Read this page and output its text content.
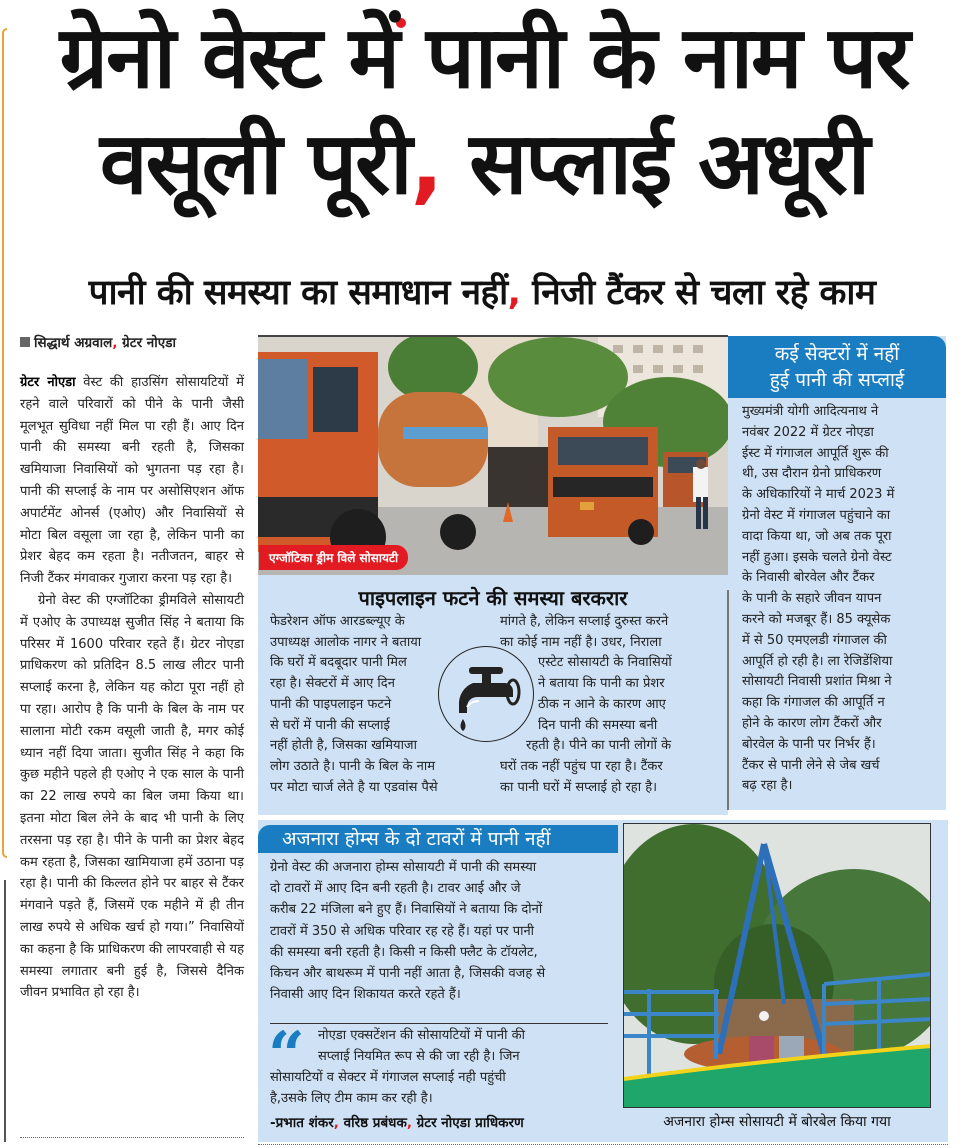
ग्रेनो वेस्ट में पानी के नाम पर
वसूली पूरी, सप्लाई अधूरी
पानी की समस्या का समाधान नहीं, निजी टैंकर से चला रहे काम
सिद्धार्थ अग्रवाल, ग्रेटर नोएडा

ग्रेटर नोएडा वेस्ट की हाउसिंग सोसायटियों में रहने वाले परिवारों को पीने के पानी जैसी मूलभूत सुविधा नहीं मिल पा रही हैं। आए दिन पानी की समस्या बनी रहती है, जिसका खमियाजा निवासियों को भुगतना पड़ रहा है। पानी की सप्लाई के नाम पर असोसिएशन ऑफ अपार्टमेंट ओनर्स (एओए) और निवासियों से मोटा बिल वसूला जा रहा है, लेकिन पानी का प्रेशर बेहद कम रहता है। नतीजतन, बाहर से निजी टैंकर मंगवाकर गुजारा करना पड़ रहा है।

ग्रेनो वेस्ट की एग्जॉटिका ड्रीमविले सोसायटी में एओए के उपाध्यक्ष सुजीत सिंह ने बताया कि परिसर में 1600 परिवार रहते हैं। ग्रेटर नोएडा प्राधिकरण को प्रतिदिन 8.5 लाख लीटर पानी सप्लाई करना है, लेकिन यह कोटा पूरा नहीं हो पा रहा। आरोप है कि पानी के बिल के नाम पर सालाना मोटी रकम वसूली जाती है, मगर कोई ध्यान नहीं दिया जाता। सुजीत सिंह ने कहा कि कुछ महीने पहले ही एओए ने एक साल के पानी का 22 लाख रुपये का बिल जमा किया था। इतना मोटा बिल लेने के बाद भी पानी के लिए तरसना पड़ रहा है। पीने के पानी का प्रेशर बेहद कम रहता है, जिसका खामियाजा हमें उठाना पड़ रहा है। पानी की किल्लत होने पर बाहर से टैंकर मंगवाने पड़ते हैं, जिसमें एक महीने में ही तीन लाख रुपये से अधिक खर्च हो गया।” निवासियों का कहना है कि प्राधिकरण की लापरवाही से यह समस्या लगातार बनी हुई है, जिससे दैनिक जीवन प्रभावित हो रहा है।

एग्जॉटिका ड्रीम विले सोसायटी
पाइपलाइन फटने की समस्या बरकरार
फेडरेशन ऑफ आरडब्ल्यूए के
उपाध्यक्ष आलोक नागर ने बताया
कि घरों में बदबूदार पानी मिल
रहा है। सेक्टरों में आए दिन
पानी की पाइपलाइन फटने
से घरों में पानी की सप्लाई
नहीं होती है, जिसका खमियाजा
लोग उठाते है। पानी के बिल के नाम
पर मोटा चार्ज लेते है या एडवांस पैसे
मांगते है, लेकिन सप्लाई दुरुस्त करने
का कोई नाम नहीं है। उधर, निराला
एस्टेट सोसायटी के निवासियों
ने बताया कि पानी का प्रेशर
ठीक न आने के कारण आए
दिन पानी की समस्या बनी
रहती है। पीने का पानी लोगों के
घरों तक नहीं पहुंच पा रहा है। टैंकर
का पानी घरों में सप्लाई हो रहा है।
कई सेक्टरों में नहीं
हुई पानी की सप्लाई
मुख्यमंत्री योगी आदित्यनाथ ने
नवंबर 2022 में ग्रेटर नोएडा
ईस्ट में गंगाजल आपूर्ति शुरू की
थी, उस दौरान ग्रेनो प्राधिकरण
के अधिकारियों ने मार्च 2023 में
ग्रेनो वेस्ट में गंगाजल पहुंचाने का
वादा किया था, जो अब तक पूरा
नहीं हुआ। इसके चलते ग्रेनो वेस्ट
के निवासी बोरवेल और टैंकर
के पानी के सहारे जीवन यापन
करने को मजबूर हैं। 85 क्यूसेक
में से 50 एमएलडी गंगाजल की
आपूर्ति हो रही है। ला रेजिडेंशिया
सोसायटी निवासी प्रशांत मिश्रा ने
कहा कि गंगाजल की आपूर्ति न
होने के कारण लोग टैंकरों और
बोरवेल के पानी पर निर्भर हैं।
टैंकर से पानी लेने से जेब खर्च
बढ़ रहा है।
अजनारा होम्स के दो टावरों में पानी नहीं
ग्रेनो वेस्ट की अजनारा होम्स सोसायटी में पानी की समस्या
दो टावरों में आए दिन बनी रहती है। टावर आई और जे
करीब 22 मंजिला बने हुए हैं। निवासियों ने बताया कि दोनों
टावरों में 350 से अधिक परिवार रह रहे हैं। यहां पर पानी
की समस्या बनी रहती है। किसी न किसी फ्लैट के टॉयलेट,
किचन और बाथरूम में पानी नहीं आता है, जिसकी वजह से
निवासी आए दिन शिकायत करते रहते हैं।
“	नोएडा एक्सटेंशन की सोसायटियों में पानी की
सप्लाई नियमित रूप से की जा रही है। जिन
सोसायटियों व सेक्टर में गंगाजल सप्लाई नही पहुंची
है,उसके लिए टीम काम कर रही है।
-प्रभात शंकर, वरिष्ठ प्रबंधक, ग्रेटर नोएडा प्राधिकरण	अजनारा होम्स सोसायटी में बोरबेल किया गया
